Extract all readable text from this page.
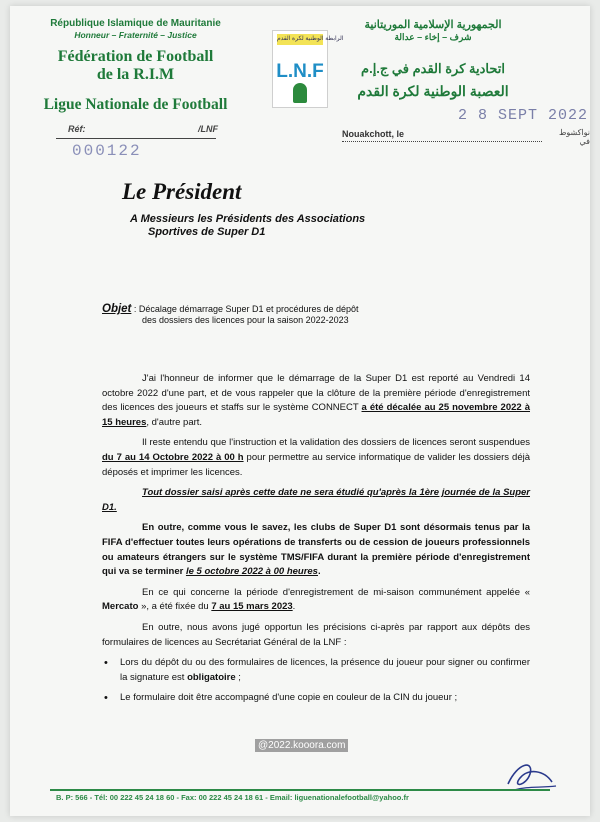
République Islamique de Mauritanie
Honneur – Fraternité – Justice
Fédération de Football
de la R.I.M
Ligue Nationale de Football
الرابطة الوطنية لكرة القدم
L.N.F
الجمهورية الإسلامية الموريتانية
شرف – إخاء – عدالة
اتحادية كرة القدم في ج.إ.م
العصبة الوطنية لكرة القدم
2 8 SEPT 2022
Réf:	/LNF
000122
Nouakchott, le	نواكشوط في
Le Président
A Messieurs les Présidents des Associations
Sportives de Super D1
Objet : Décalage démarrage Super D1 et procédures de dépôt
des dossiers des licences pour la saison 2022-2023

J'ai l'honneur de informer que le démarrage de la Super D1 est reporté au Vendredi 14 octobre 2022 d'une part, et de vous rappeler que la clôture de la première période d'enregistrement des licences des joueurs et staffs sur le système CONNECT a été décalée au 25 novembre 2022 à 15 heures, d'autre part.

Il reste entendu que l'instruction et la validation des dossiers de licences seront suspendues du 7 au 14 Octobre 2022 à 00 h pour permettre au service informatique de valider les dossiers déjà déposés et imprimer les licences.

Tout dossier saisi après cette date ne sera étudié qu'après la 1ère journée de la Super D1.

En outre, comme vous le savez, les clubs de Super D1 sont désormais tenus par la FIFA d'effectuer toutes leurs opérations de transferts ou de cession de joueurs professionnels ou amateurs étrangers sur le système TMS/FIFA durant la première période d'enregistrement qui va se terminer le 5 octobre 2022 à 00 heures.

En ce qui concerne la période d'enregistrement de mi-saison communément appelée « Mercato », a été fixée du 7 au 15 mars 2023.

En outre, nous avons jugé opportun les précisions ci-après par rapport aux dépôts des formulaires de licences au Secrétariat Général de la LNF :

• Lors du dépôt du ou des formulaires de licences, la présence du joueur pour signer ou confirmer la signature est obligatoire ;
• Le formulaire doit être accompagné d'une copie en couleur de la CIN du joueur ;
@2022.kooora.com
B. P: 566 - Tél: 00 222 45 24 18 60 - Fax: 00 222 45 24 18 61 - Email: liguenationalefootball@yahoo.fr
